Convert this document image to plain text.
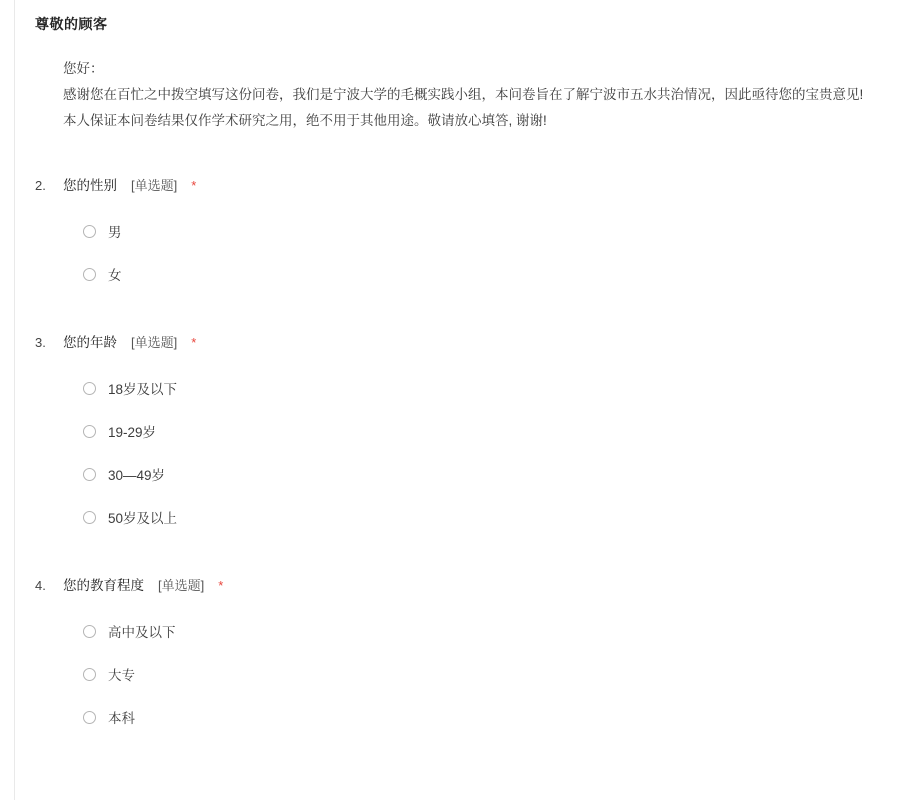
尊敬的顾客

您好：

感谢您在百忙之中拨空填写这份问卷，我们是宁波大学的毛概实践小组，本问卷旨在了解宁波市五水共治情况，因此亟待您的宝贵意见!

本人保证本问卷结果仅作学术研究之用，绝不用于其他用途。敬请放心填答, 谢谢!

2.	您的性别 [单选题] *
男
女
3.	您的年龄 [单选题] *
18岁及以下
19-29岁
30—49岁
50岁及以上
4.	您的教育程度 [单选题] *
高中及以下
大专
本科
